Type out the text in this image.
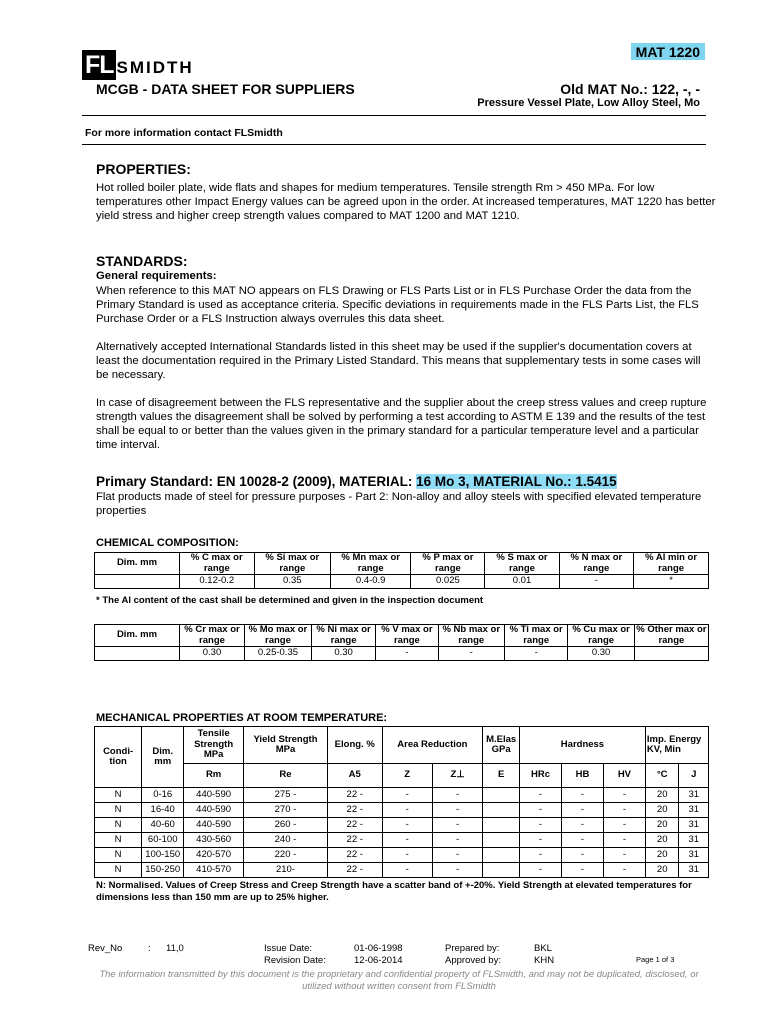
FL SMIDTH
MAT 1220
MCGB - DATA SHEET FOR SUPPLIERS	Old MAT No.: 122, -, -
Pressure Vessel Plate, Low Alloy Steel, Mo
For more information contact FLSmidth
PROPERTIES:
Hot rolled boiler plate, wide flats and shapes for medium temperatures. Tensile strength Rm > 450 MPa. For low temperatures other Impact Energy values can be agreed upon in the order. At increased temperatures, MAT 1220 has better yield stress and higher creep strength values compared to MAT 1200 and MAT 1210.
STANDARDS:
General requirements:
When reference to this MAT NO appears on FLS Drawing or FLS Parts List or in FLS Purchase Order the data from the Primary Standard is used as acceptance criteria. Specific deviations in requirements made in the FLS Parts List, the FLS Purchase Order or a FLS Instruction always overrules this data sheet.
Alternatively accepted International Standards listed in this sheet may be used if the supplier's documentation covers at least the documentation required in the Primary Listed Standard. This means that supplementary tests in some cases will be necessary.
In case of disagreement between the FLS representative and the supplier about the creep stress values and creep rupture strength values the disagreement shall be solved by performing a test according to ASTM E 139 and the results of the test shall be equal to or better than the values given in the primary standard for a particular temperature level and a particular time interval.
Primary Standard: EN 10028-2 (2009), MATERIAL: 16 Mo 3, MATERIAL No.: 1.5415
Flat products made of steel for pressure purposes - Part 2: Non-alloy and alloy steels with specified elevated temperature properties
CHEMICAL COMPOSITION:
Dim. mm	% C max or range	% Si max or range	% Mn max or range	% P max or range	% S max or range	% N max or range	% Al min or range
	0.12-0.2	0.35	0.4-0.9	0.025	0.01	-	*
* The Al content of the cast shall be determined and given in the inspection document
Dim. mm	% Cr max or range	% Mo max or range	% Ni max or range	% V max or range	% Nb max or range	% Ti max or range	% Cu max or range	% Other max or range
	0.30	0.25-0.35	0.30	-	-	-	0.30	
MECHANICAL PROPERTIES AT ROOM TEMPERATURE:
Condi- tion	Dim. mm	Tensile Strength MPa	Yield Strength MPa	Elong. %	Area Reduction		M.Elas GPa	Hardness			Imp. Energy KV, Min	
		Rm	Re	A5	Z	Z⊥	E	HRc	HB	HV	°C	J
N	0-16	440-590	275 -	22 -	-	-		-	-	-	20	31
N	16-40	440-590	270 -	22 -	-	-		-	-	-	20	31
N	40-60	440-590	260 -	22 -	-	-		-	-	-	20	31
N	60-100	430-560	240 -	22 -	-	-		-	-	-	20	31
N	100-150	420-570	220 -	22 -	-	-		-	-	-	20	31
N	150-250	410-570	210-	22 -	-	-		-	-	-	20	31
N: Normalised. Values of Creep Stress and Creep Strength have a scatter band of +-20%. Yield Strength at elevated temperatures for dimensions less than 150 mm are up to 25% higher.
Rev_No	: 11,0	Issue Date:	01-06-1998
Revision Date:	12-06-2014
Prepared by:	BKL
Approved by:	KHN	Page 1 of 3
The information transmitted by this document is the proprietary and confidential property of FLSmidth, and may not be duplicated, disclosed, or utilized without written consent from FLSmidth
